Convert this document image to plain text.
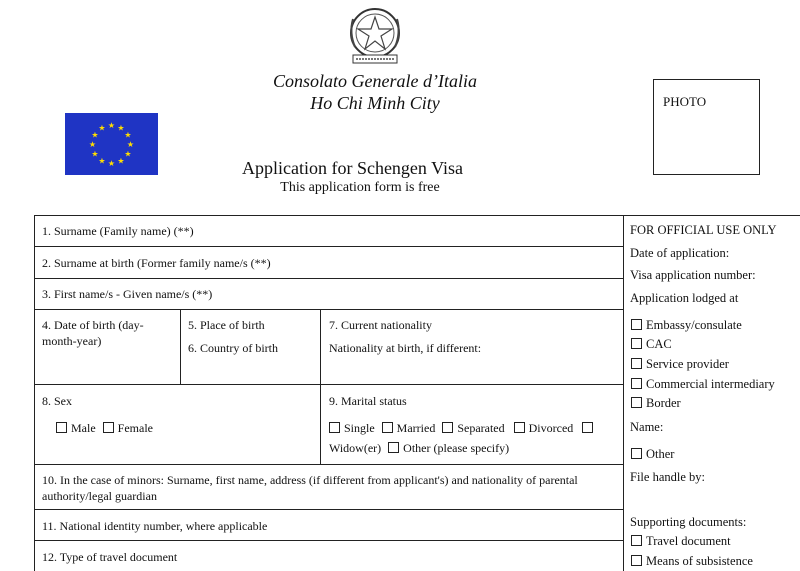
Consolato Generale d’Italia
Ho Chi Minh City
★ ★
★
★
★
★
★
★
★
★
★
★
PHOTO
Application for Schengen Visa
This application form is free
1. Surname (Family name) (**)
2. Surname at birth (Former family name/s (**)
3. First name/s - Given name/s (**)
4. Date of birth (day-month-year)
5. Place of birth
6. Country of birth
7. Current nationality
Nationality at birth, if different:
8. Sex
Male Female
9. Marital status
Single Married Separated Divorced
Widow(er) Other (please specify)
10. In the case of minors: Surname, first name, address (if different from applicant's) and nationality of parental authority/legal guardian
11. National identity number, where applicable
12. Type of travel document
FOR OFFICIAL USE ONLY
Date of application:
Visa application number:
Application lodged at
Embassy/consulate
CAC
Service provider
Commercial intermediary
Border
Name:
Other
File handle by:
Supporting documents:
Travel document
Means of subsistence
